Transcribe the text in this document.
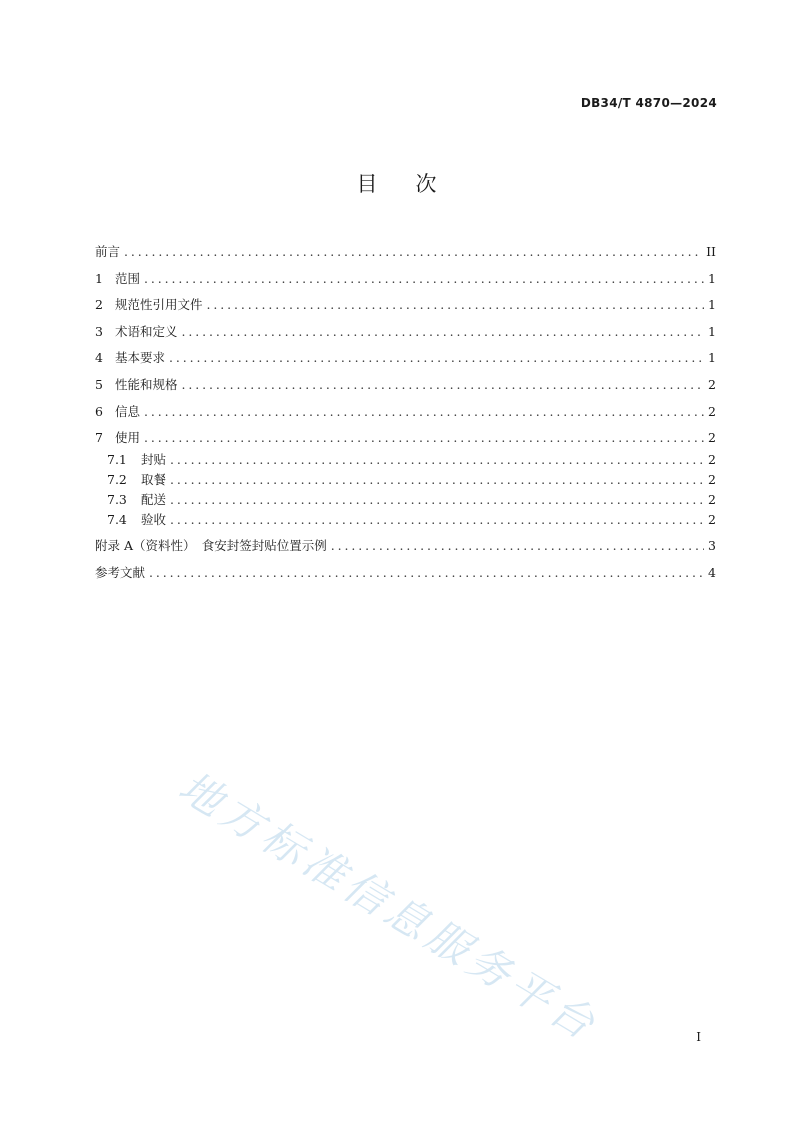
DB34/T 4870—2024
目 次
前言 .....	II
1 范围 .....	1
2 规范性引用文件 .....	1
3 术语和定义 .....	1
4 基本要求 .....	1
5 性能和规格 .....	2
6 信息 .....	2
7 使用 .....	2
7.1	封贴 .....	2
7.2	取餐 .....	2
7.3	配送 .....	2
7.4	验收 .....	2
附录 A（资料性）　食安封签封贴位置示例 .....	3
参考文献 .....	4
地方标准信息服务平台	I
